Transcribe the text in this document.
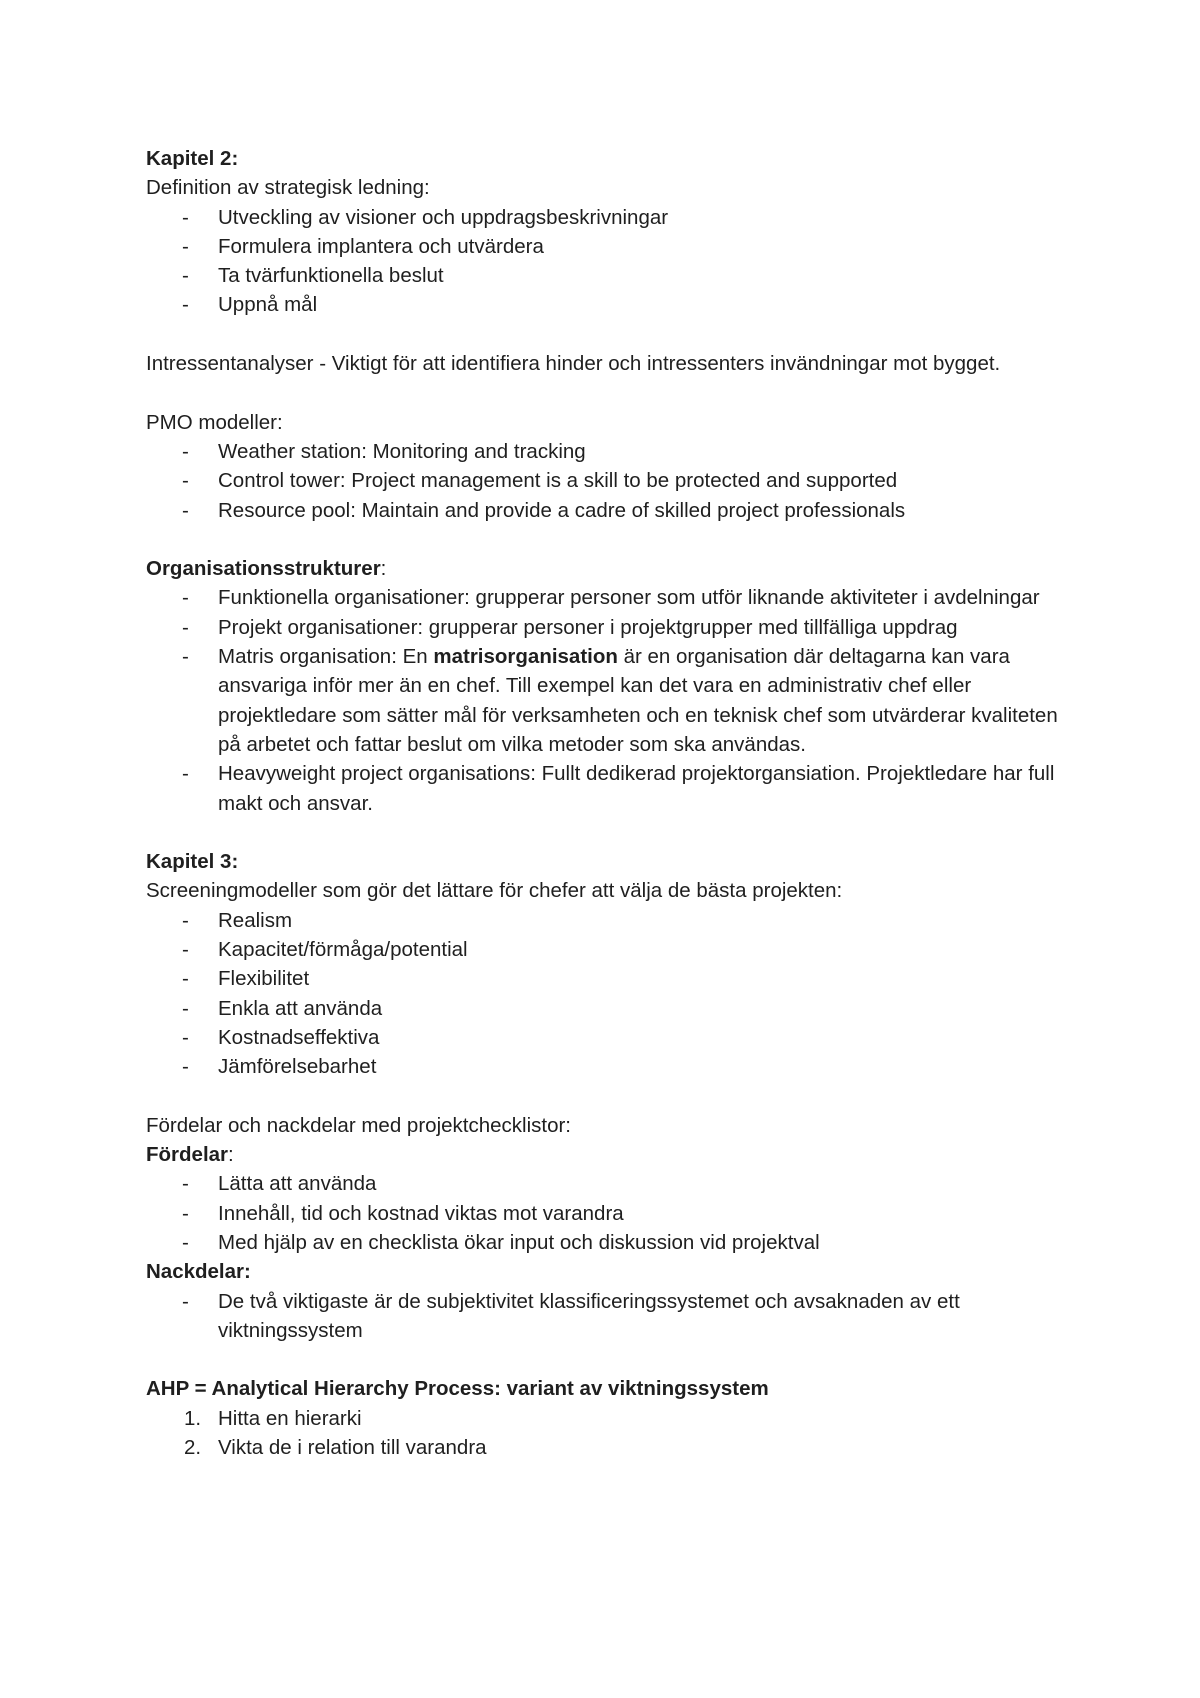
Kapitel 2:

Definition av strategisk ledning:

- Utveckling av visioner och uppdragsbeskrivningar
- Formulera implantera och utvärdera
- Ta tvärfunktionella beslut
- Uppnå mål

Intressentanalyser - Viktigt för att identifiera hinder och intressenters invändningar mot bygget.

PMO modeller:

- Weather station: Monitoring and tracking
- Control tower: Project management is a skill to be protected and supported
- Resource pool: Maintain and provide a cadre of skilled project professionals

Organisationsstrukturer:

- Funktionella organisationer: grupperar personer som utför liknande aktiviteter i avdelningar
- Projekt organisationer: grupperar personer i projektgrupper med tillfälliga uppdrag
- Matris organisation: En matrisorganisation är en organisation där deltagarna kan vara ansvariga inför mer än en chef. Till exempel kan det vara en administrativ chef eller projektledare som sätter mål för verksamheten och en teknisk chef som utvärderar kvaliteten på arbetet och fattar beslut om vilka metoder som ska användas.
- Heavyweight project organisations: Fullt dedikerad projektorgansiation. Projektledare har full makt och ansvar.

Kapitel 3:

Screeningmodeller som gör det lättare för chefer att välja de bästa projekten:

- Realism
- Kapacitet/förmåga/potential
- Flexibilitet
- Enkla att använda
- Kostnadseffektiva
- Jämförelsebarhet

Fördelar och nackdelar med projektchecklistor:

Fördelar:

- Lätta att använda
- Innehåll, tid och kostnad viktas mot varandra
- Med hjälp av en checklista ökar input och diskussion vid projektval

Nackdelar:

- De två viktigaste är de subjektivitet klassificeringssystemet och avsaknaden av ett viktningssystem

AHP = Analytical Hierarchy Process: variant av viktningssystem

1. Hitta en hierarki
2. Vikta de i relation till varandra
